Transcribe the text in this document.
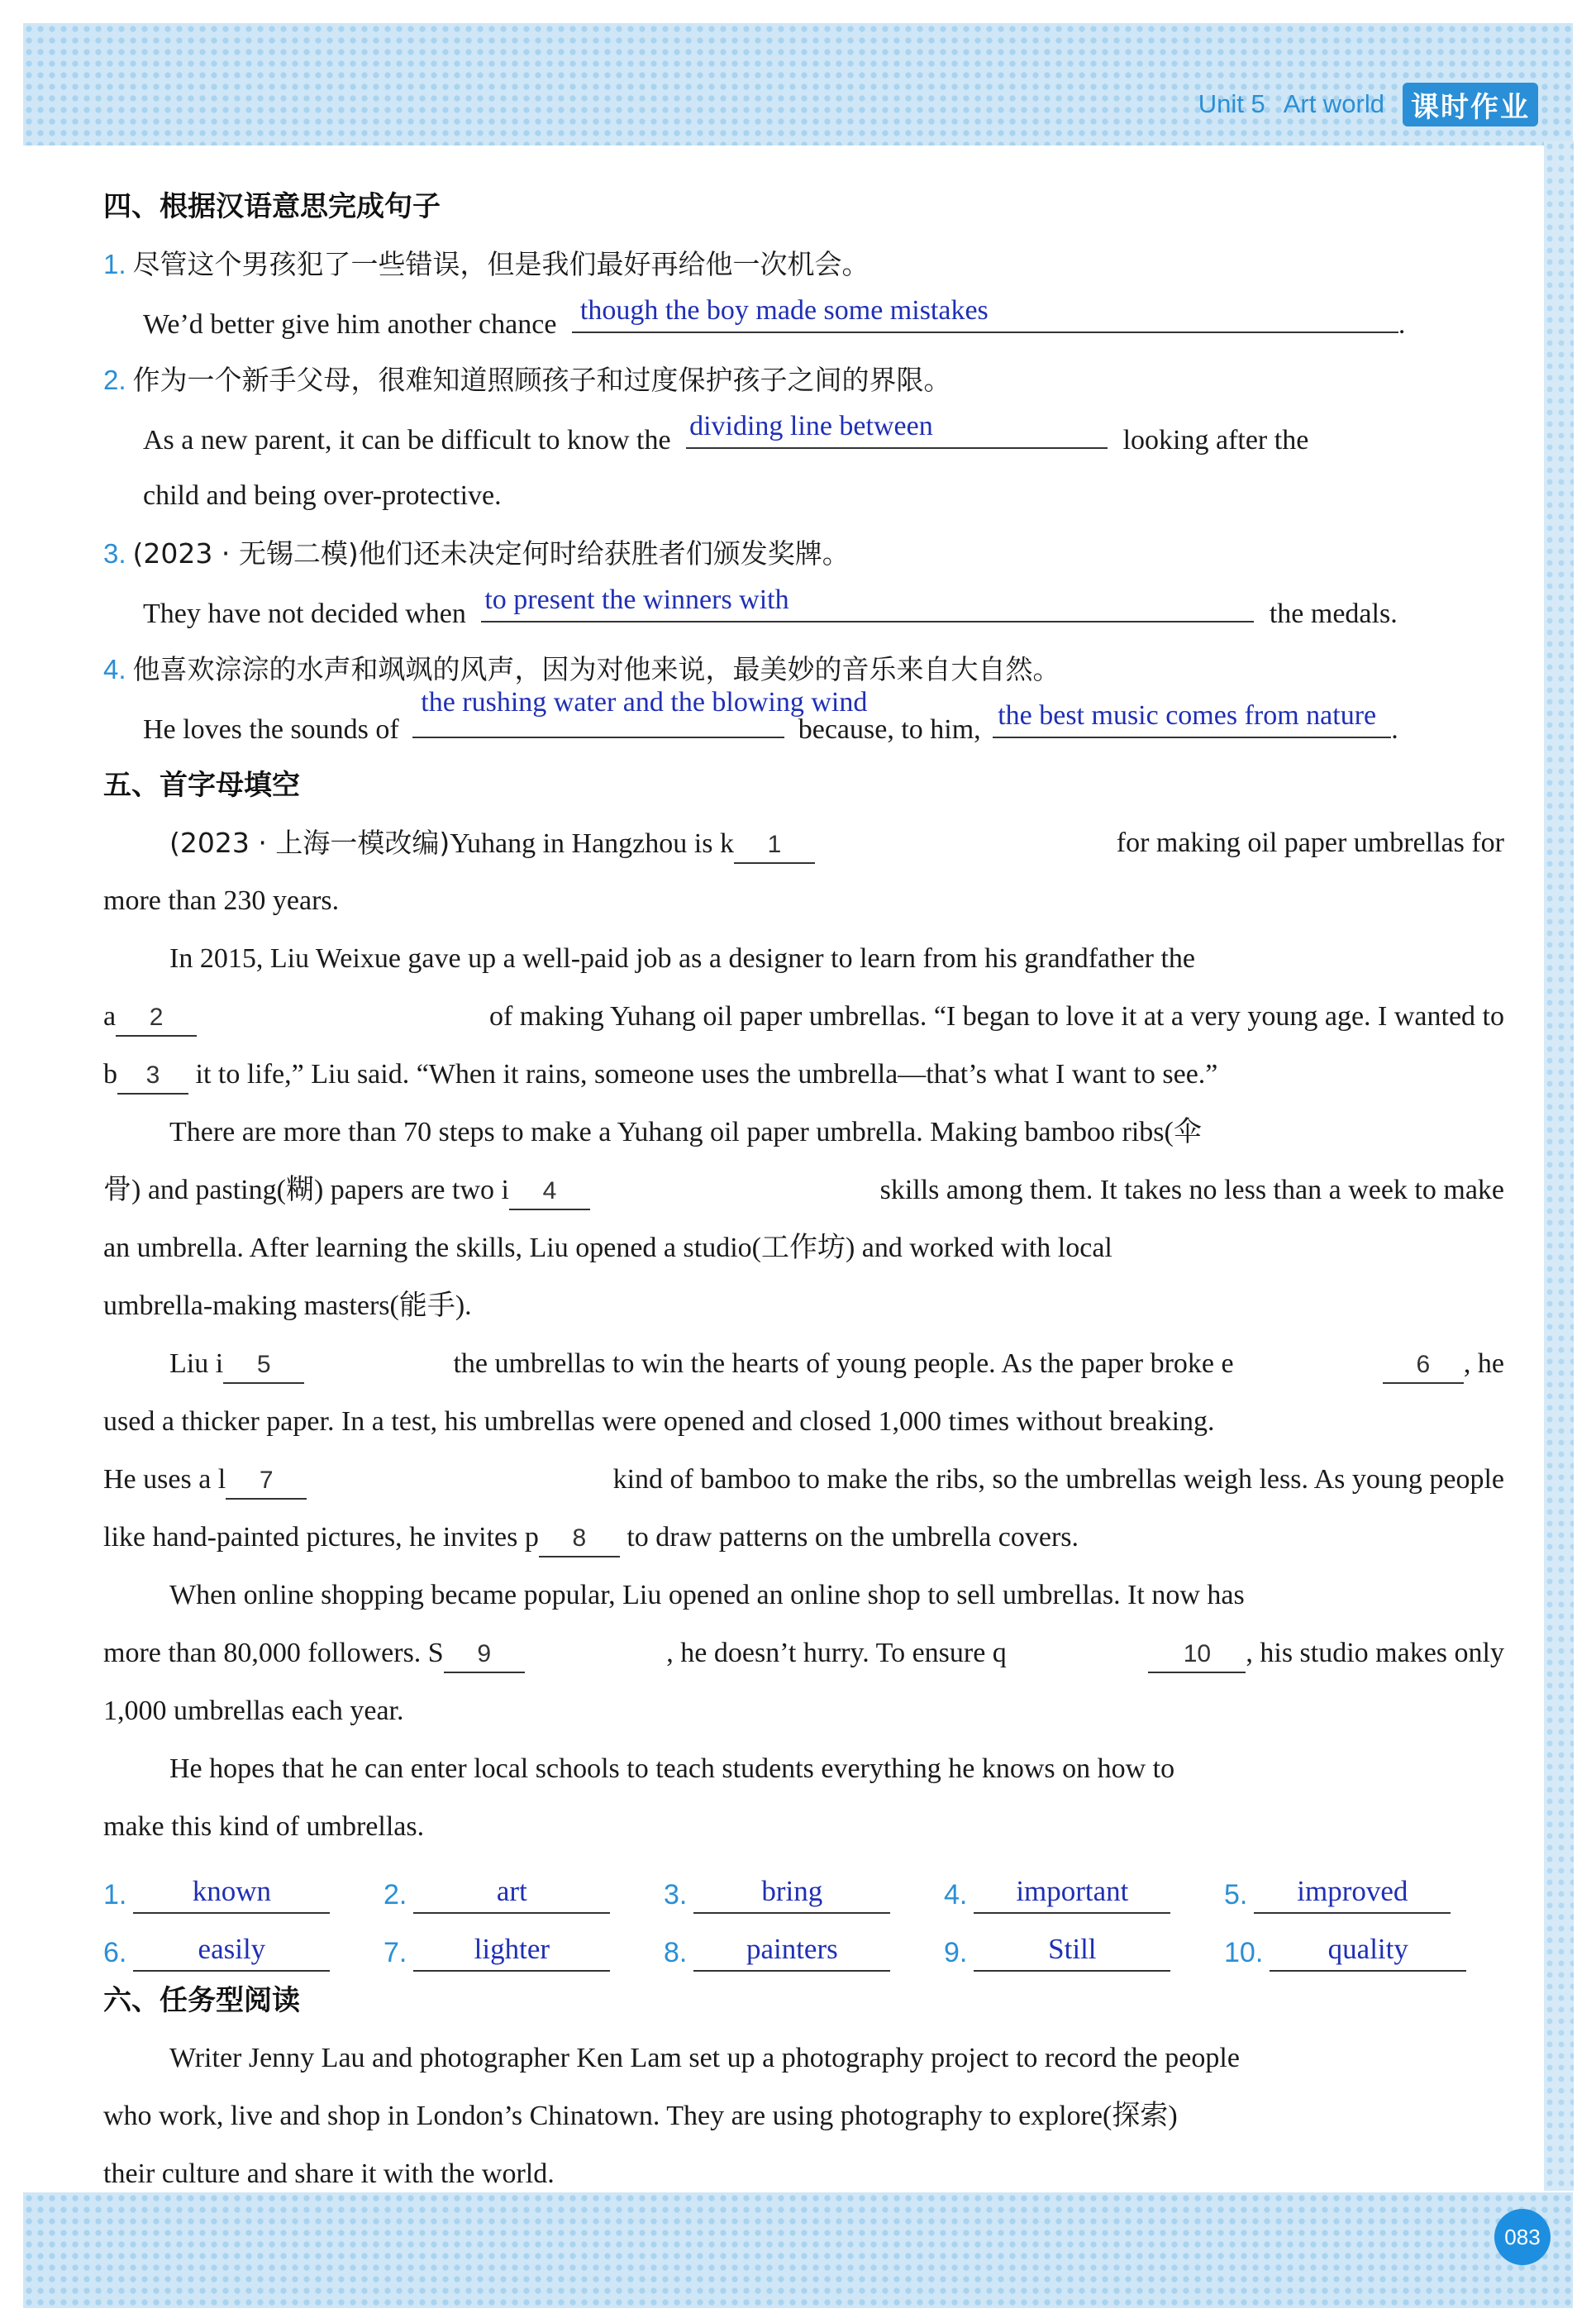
Unit 5 Art world 课时作业
四、根据汉语意思完成句子
1. 尽管这个男孩犯了一些错误，但是我们最好再给他一次机会。
We’d better give him another chance though the boy made some mistakes	.
2. 作为一个新手父母，很难知道照顾孩子和过度保护孩子之间的界限。
As a new parent, it can be difficult to know the dividing line between	looking after the
child and being over-protective.
3. (2023 · 无锡二模)他们还未决定何时给获胜者们颁发奖牌。
They have not decided when to present the winners with	the medals.
4. 他喜欢淙淙的水声和飒飒的风声，因为对他来说，最美妙的音乐来自大自然。
He loves the sounds of
the rushing water and the blowing wind
because, to him, the best music comes from nature .
五、首字母填空
(2023 · 上海一模改编)Yuhang in Hangzhou is k 1	for making oil paper umbrellas for
more than 230 years.
In 2015, Liu Weixue gave up a well-paid job as a designer to learn from his grandfather the
a 2	of making Yuhang oil paper umbrellas. “I began to love it at a very young age. I wanted to
b 3 it to life,” Liu said. “When it rains, someone uses the umbrella—that’s what I want to see.”
There are more than 70 steps to make a Yuhang oil paper umbrella. Making bamboo ribs(伞
骨) and pasting(糊) papers are two i 4	skills among them. It takes no less than a week to make
an umbrella. After learning the skills, Liu opened a studio(工作坊) and worked with local
umbrella-making masters(能手).
Liu i 5	the umbrellas to win the hearts of young people. As the paper broke e	6 , he
used a thicker paper. In a test, his umbrellas were opened and closed 1,000 times without breaking.
He uses a l 7	kind of bamboo to make the ribs, so the umbrellas weigh less. As young people
like hand-painted pictures, he invites p 8 to draw patterns on the umbrella covers.
When online shopping became popular, Liu opened an online shop to sell umbrellas. It now has
more than 80,000 followers. S 9	, he doesn’t hurry. To ensure q	10 , his studio makes only
1,000 umbrellas each year.
He hopes that he can enter local schools to teach students everything he knows on how to
make this kind of umbrellas.
1.	known	2.	art	3.	bring	4.	important	5.	improved
6.	easily	7.	lighter	8.	painters	9.	Still	10.	quality
六、任务型阅读
Writer Jenny Lau and photographer Ken Lam set up a photography project to record the people
who work, live and shop in London’s Chinatown. They are using photography to explore(探索)
their culture and share it with the world.
083
